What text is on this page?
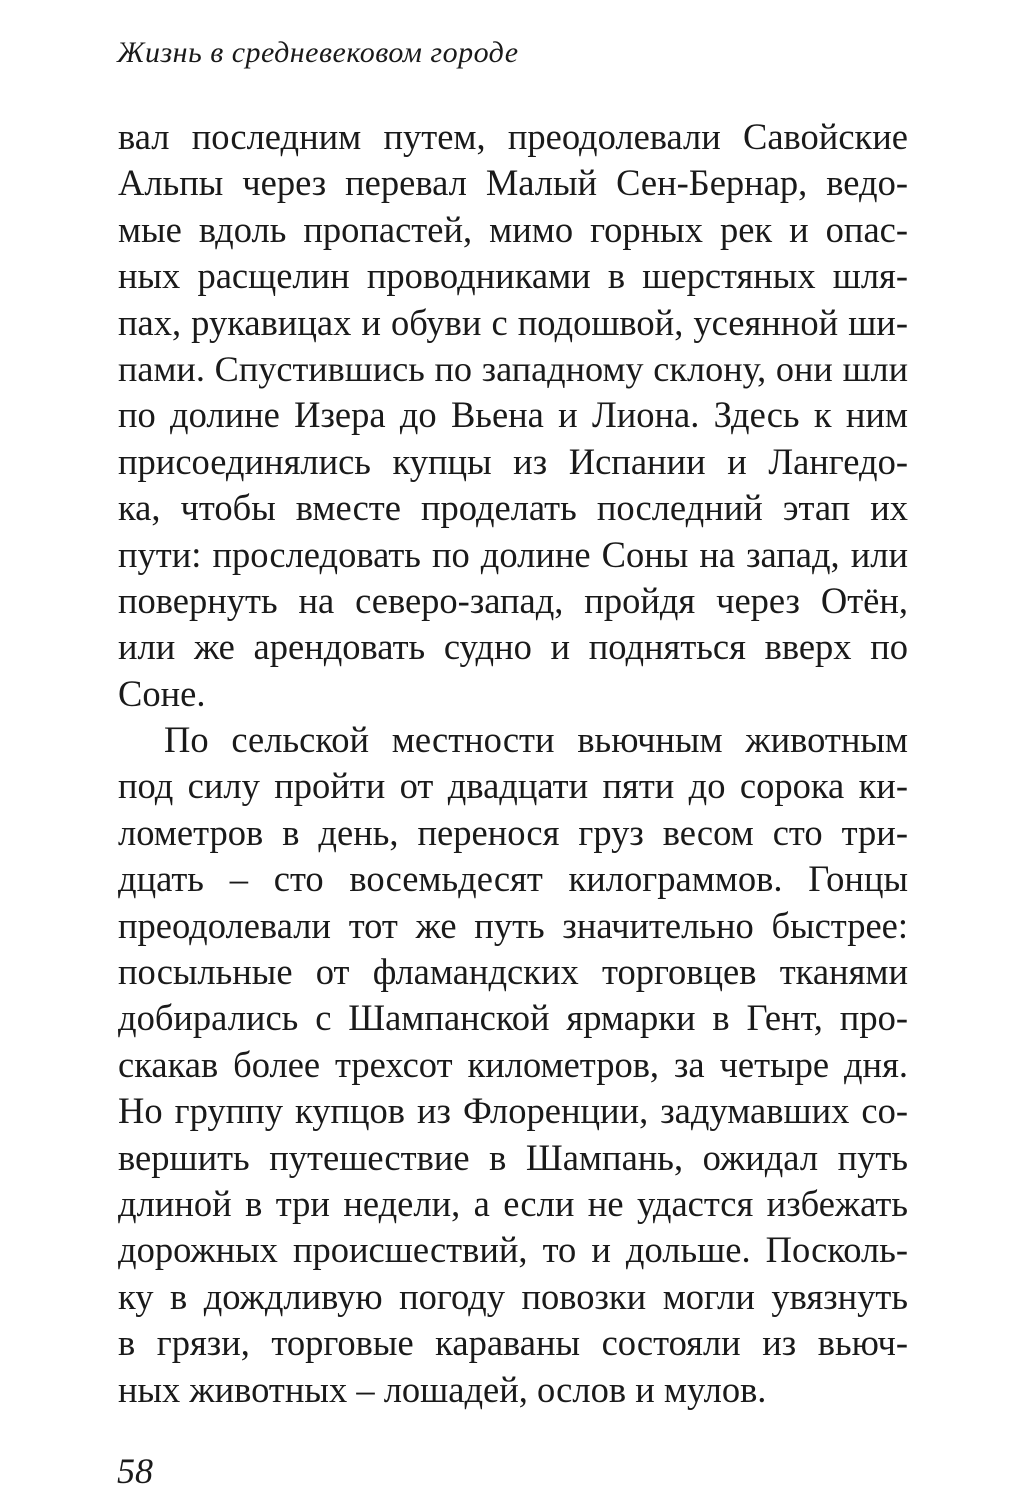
Жизнь в средневековом городе
вал последним путем, преодолевали Савойские
Альпы через перевал Малый Сен-Бернар, ведо-
мые вдоль пропастей, мимо горных рек и опас-
ных расщелин проводниками в шерстяных шля-
пах, рукавицах и обуви с подошвой, усеянной ши-
пами. Спустившись по западному склону, они шли
по долине Изера до Вьена и Лиона. Здесь к ним
присоединялись купцы из Испании и Лангедо-
ка, чтобы вместе проделать последний этап их
пути: проследовать по долине Соны на запад, или
повернуть на северо-запад, пройдя через Отён,
или же арендовать судно и подняться вверх по
Соне.
По сельской местности вьючным животным
под силу пройти от двадцати пяти до сорока ки-
лометров в день, перенося груз весом сто три-
дцать – сто восемьдесят килограммов. Гонцы
преодолевали тот же путь значительно быстрее:
посыльные от фламандских торговцев тканями
добирались с Шампанской ярмарки в Гент, про-
скакав более трехсот километров, за четыре дня.
Но группу купцов из Флоренции, задумавших со-
вершить путешествие в Шампань, ожидал путь
длиной в три недели, а если не удастся избежать
дорожных происшествий, то и дольше. Посколь-
ку в дождливую погоду повозки могли увязнуть
в грязи, торговые караваны состояли из вьюч-
ных животных – лошадей, ослов и мулов.
58
